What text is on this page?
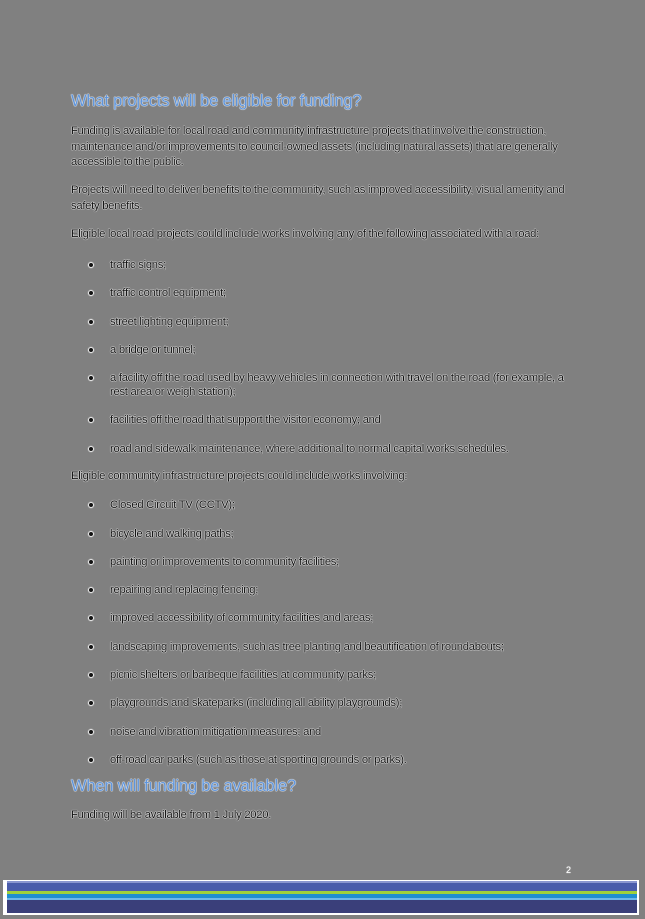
What projects will be eligible for funding?

Funding is available for local road and community infrastructure projects that involve the construction, maintenance and/or improvements to council-owned assets (including natural assets) that are generally accessible to the public.

Projects will need to deliver benefits to the community, such as improved accessibility, visual amenity and safety benefits.

Eligible local road projects could include works involving any of the following associated with a road:

traffic signs;
traffic control equipment;
street lighting equipment;
a bridge or tunnel;
a facility off the road used by heavy vehicles in connection with travel on the road (for example, a rest area or weigh station);
facilities off the road that support the visitor economy; and
road and sidewalk maintenance, where additional to normal capital works schedules.

Eligible community infrastructure projects could include works involving:

Closed Circuit TV (CCTV);
bicycle and walking paths;
painting or improvements to community facilities;
repairing and replacing fencing;
improved accessibility of community facilities and areas;
landscaping improvements, such as tree planting and beautification of roundabouts;
picnic shelters or barbeque facilities at community parks;
playgrounds and skateparks (including all ability playgrounds);
noise and vibration mitigation measures; and
off-road car parks (such as those at sporting grounds or parks).
When will funding be available?

Funding will be available from 1 July 2020.

2
